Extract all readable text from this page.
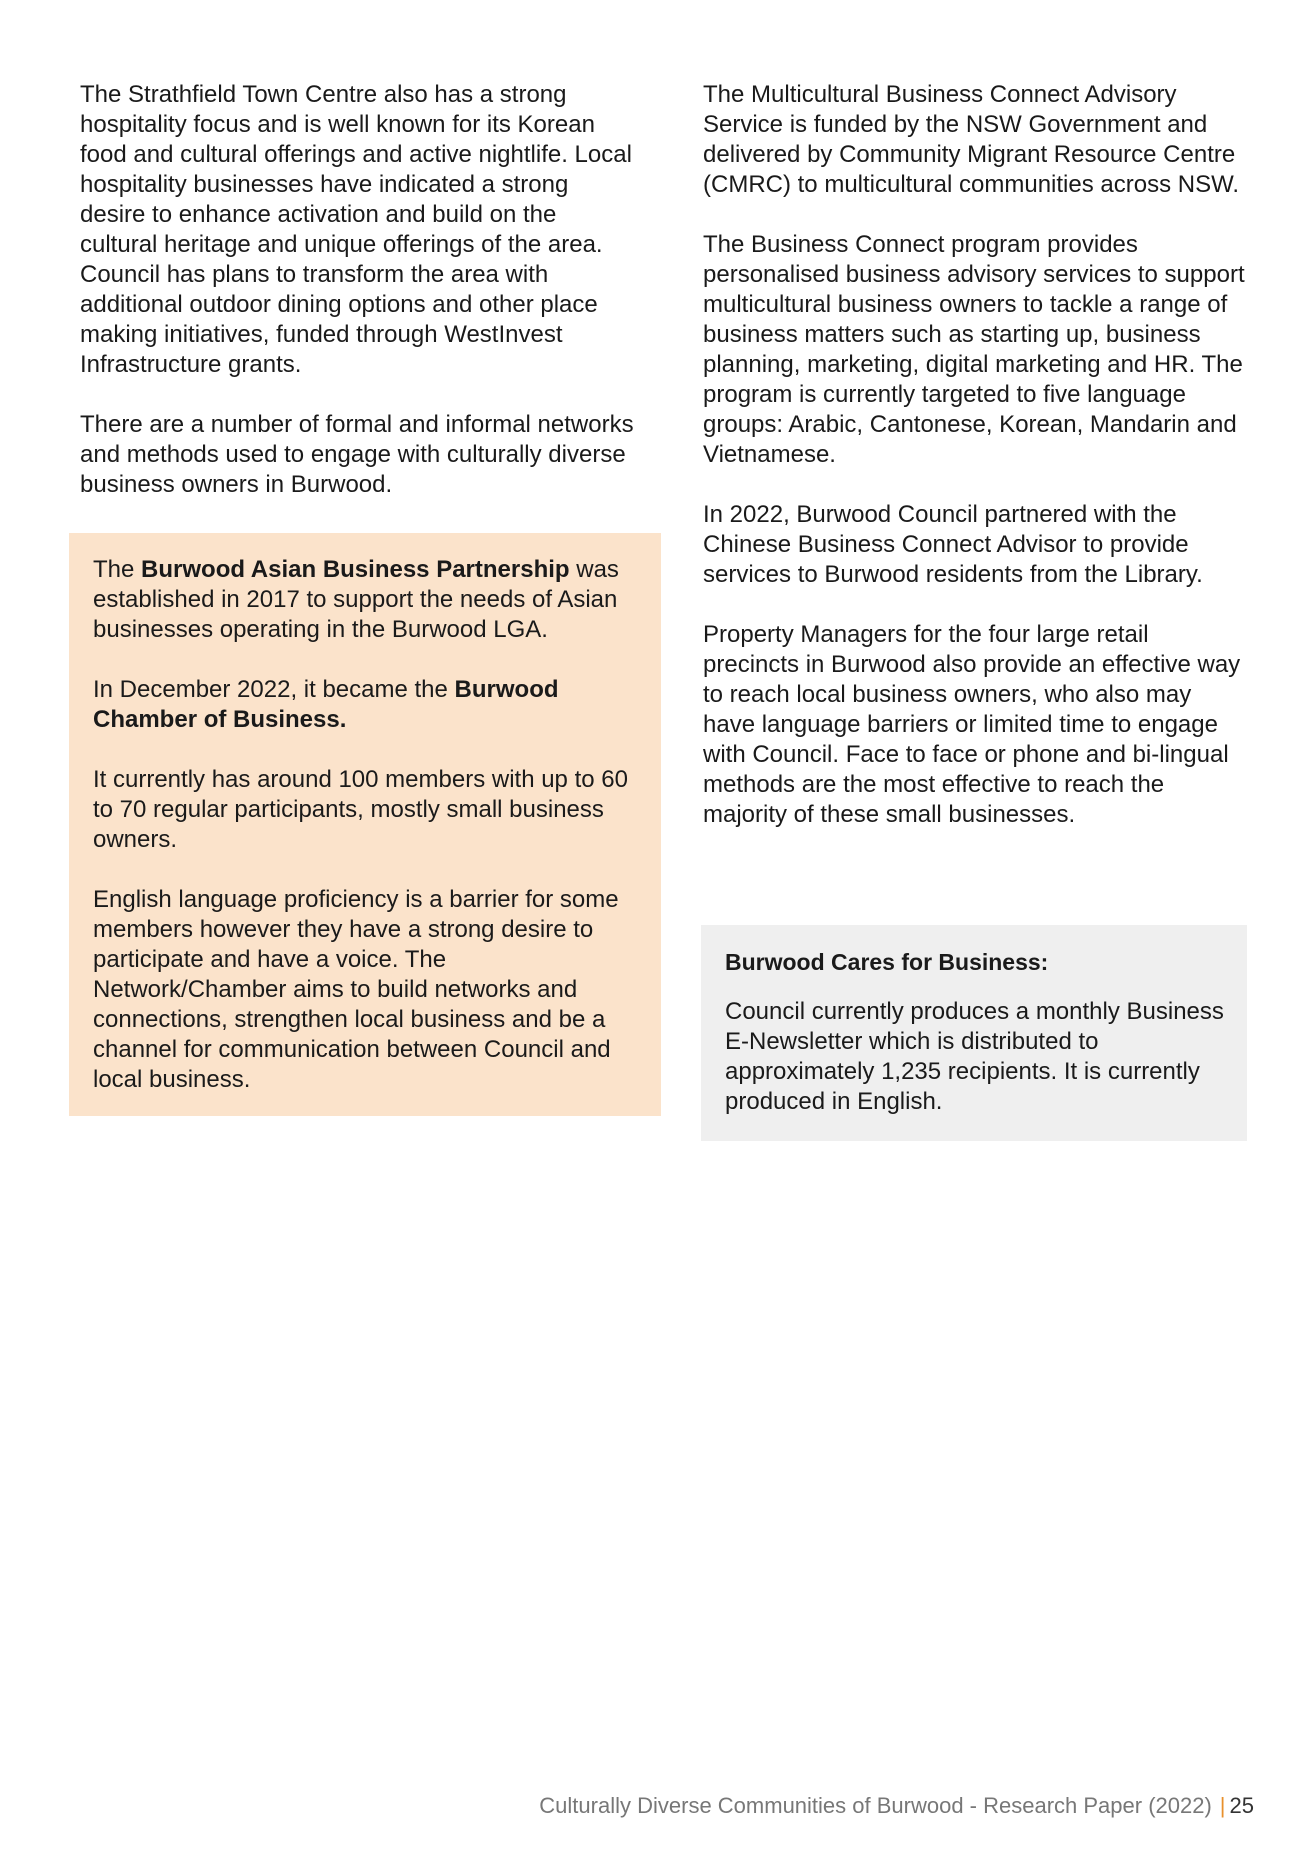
The Strathfield Town Centre also has a strong hospitality focus and is well known for its Korean food and cultural offerings and active nightlife. Local hospitality businesses have indicated a strong desire to enhance activation and build on the cultural heritage and unique offerings of the area. Council has plans to transform the area with additional outdoor dining options and other place making initiatives, funded through WestInvest Infrastructure grants.

There are a number of formal and informal networks and methods used to engage with culturally diverse business owners in Burwood.

The Burwood Asian Business Partnership was established in 2017 to support the needs of Asian businesses operating in the Burwood LGA.

In December 2022, it became the Burwood Chamber of Business.

It currently has around 100 members with up to 60 to 70 regular participants, mostly small business owners.

English language proficiency is a barrier for some members however they have a strong desire to participate and have a voice. The Network/Chamber aims to build networks and connections, strengthen local business and be a channel for communication between Council and local business.

The Multicultural Business Connect Advisory Service is funded by the NSW Government and delivered by Community Migrant Resource Centre (CMRC) to multicultural communities across NSW.

The Business Connect program provides personalised business advisory services to support multicultural business owners to tackle a range of business matters such as starting up, business planning, marketing, digital marketing and HR. The program is currently targeted to five language groups: Arabic, Cantonese, Korean, Mandarin and Vietnamese.

In 2022, Burwood Council partnered with the Chinese Business Connect Advisor to provide services to Burwood residents from the Library.

Property Managers for the four large retail precincts in Burwood also provide an effective way to reach local business owners, who also may have language barriers or limited time to engage with Council. Face to face or phone and bi-lingual methods are the most effective to reach the majority of these small businesses.

Burwood Cares for Business:

Council currently produces a monthly Business E-Newsletter which is distributed to approximately 1,235 recipients. It is currently produced in English.

Culturally Diverse Communities of Burwood - Research Paper (2022) | 25
